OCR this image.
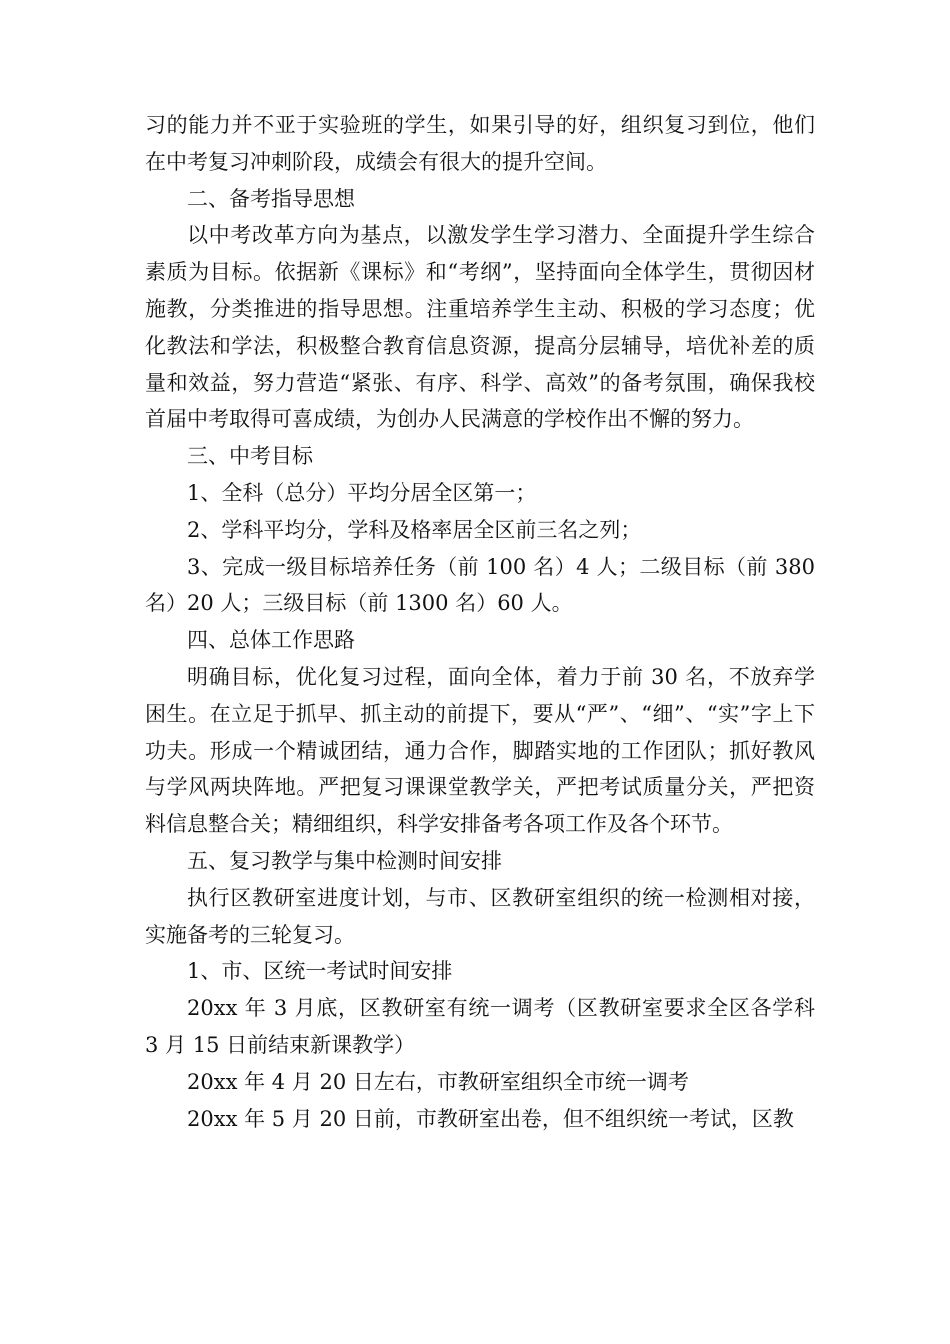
习的能力并不亚于实验班的学生，如果引导的好，组织复习到位，他们在中考复习冲刺阶段，成绩会有很大的提升空间。

二、备考指导思想

以中考改革方向为基点，以激发学生学习潜力、全面提升学生综合素质为目标。依据新《课标》和“考纲”，坚持面向全体学生，贯彻因材施教，分类推进的指导思想。注重培养学生主动、积极的学习态度；优化教法和学法，积极整合教育信息资源，提高分层辅导，培优补差的质量和效益，努力营造“紧张、有序、科学、高效”的备考氛围，确保我校首届中考取得可喜成绩，为创办人民满意的学校作出不懈的努力。

三、中考目标

1、全科（总分）平均分居全区第一；

2、学科平均分，学科及格率居全区前三名之列；

3、完成一级目标培养任务（前 100 名）4 人；二级目标（前 380 名）20 人；三级目标（前 1300 名）60 人。

四、总体工作思路

明确目标，优化复习过程，面向全体，着力于前 30 名，不放弃学困生。在立足于抓早、抓主动的前提下，要从“严”、“细”、“实”字上下功夫。形成一个精诚团结，通力合作，脚踏实地的工作团队；抓好教风与学风两块阵地。严把复习课课堂教学关，严把考试质量分关，严把资料信息整合关；精细组织，科学安排备考各项工作及各个环节。

五、复习教学与集中检测时间安排

执行区教研室进度计划，与市、区教研室组织的统一检测相对接，实施备考的三轮复习。

1、市、区统一考试时间安排

20xx 年 3 月底，区教研室有统一调考（区教研室要求全区各学科 3 月 15 日前结束新课教学）

20xx 年 4 月 20 日左右，市教研室组织全市统一调考

20xx 年 5 月 20 日前，市教研室出卷，但不组织统一考试，区教
